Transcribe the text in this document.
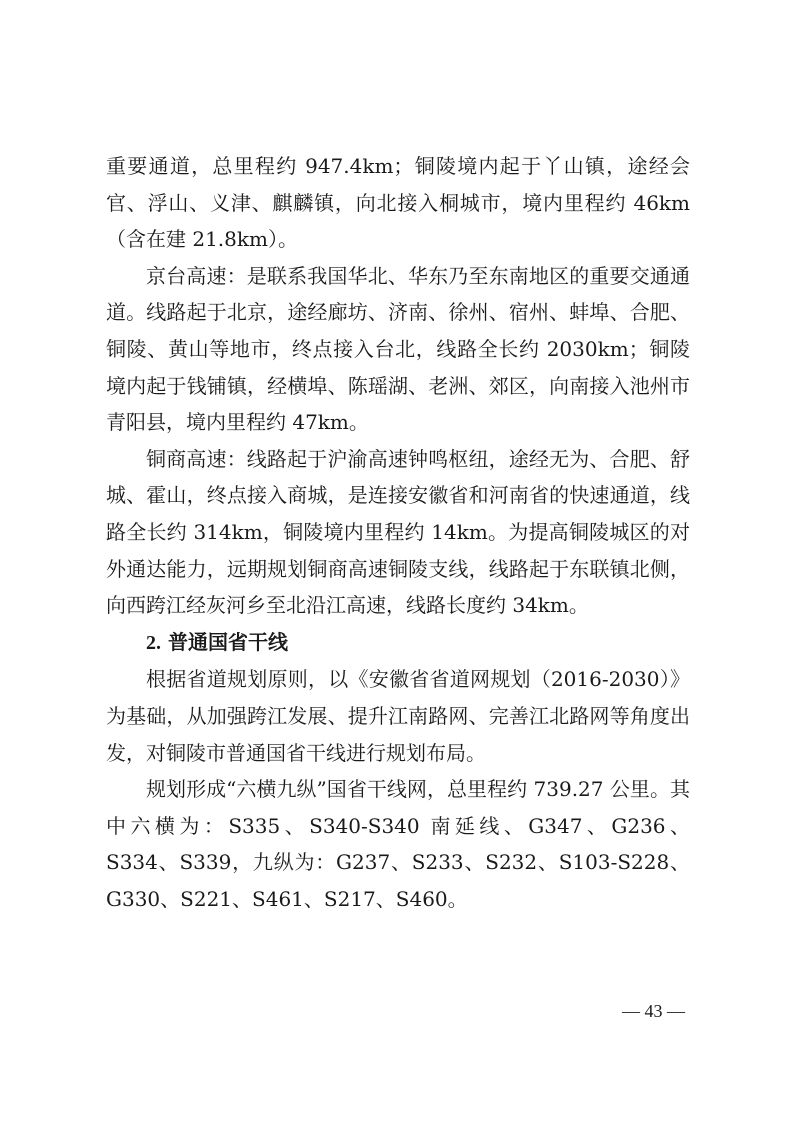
重要通道，总里程约 947.4km；铜陵境内起于丫山镇，途经会官、浮山、义津、麒麟镇，向北接入桐城市，境内里程约 46km（含在建 21.8km）。

京台高速：是联系我国华北、华东乃至东南地区的重要交通通道。线路起于北京，途经廊坊、济南、徐州、宿州、蚌埠、合肥、铜陵、黄山等地市，终点接入台北，线路全长约 2030km；铜陵境内起于钱铺镇，经横埠、陈瑶湖、老洲、郊区，向南接入池州市青阳县，境内里程约 47km。

铜商高速：线路起于沪渝高速钟鸣枢纽，途经无为、合肥、舒城、霍山，终点接入商城，是连接安徽省和河南省的快速通道，线路全长约 314km，铜陵境内里程约 14km。为提高铜陵城区的对外通达能力，远期规划铜商高速铜陵支线，线路起于东联镇北侧，向西跨江经灰河乡至北沿江高速，线路长度约 34km。

2. 普通国省干线

根据省道规划原则，以《安徽省省道网规划（2016-2030）》为基础，从加强跨江发展、提升江南路网、完善江北路网等角度出发，对铜陵市普通国省干线进行规划布局。

规划形成“六横九纵”国省干线网，总里程约 739.27 公里。其中六横为：S335、S340-S340 南延线、G347、G236、S334、S339，九纵为：G237、S233、S232、S103-S228、G330、S221、S461、S217、S460。

— 43 —
